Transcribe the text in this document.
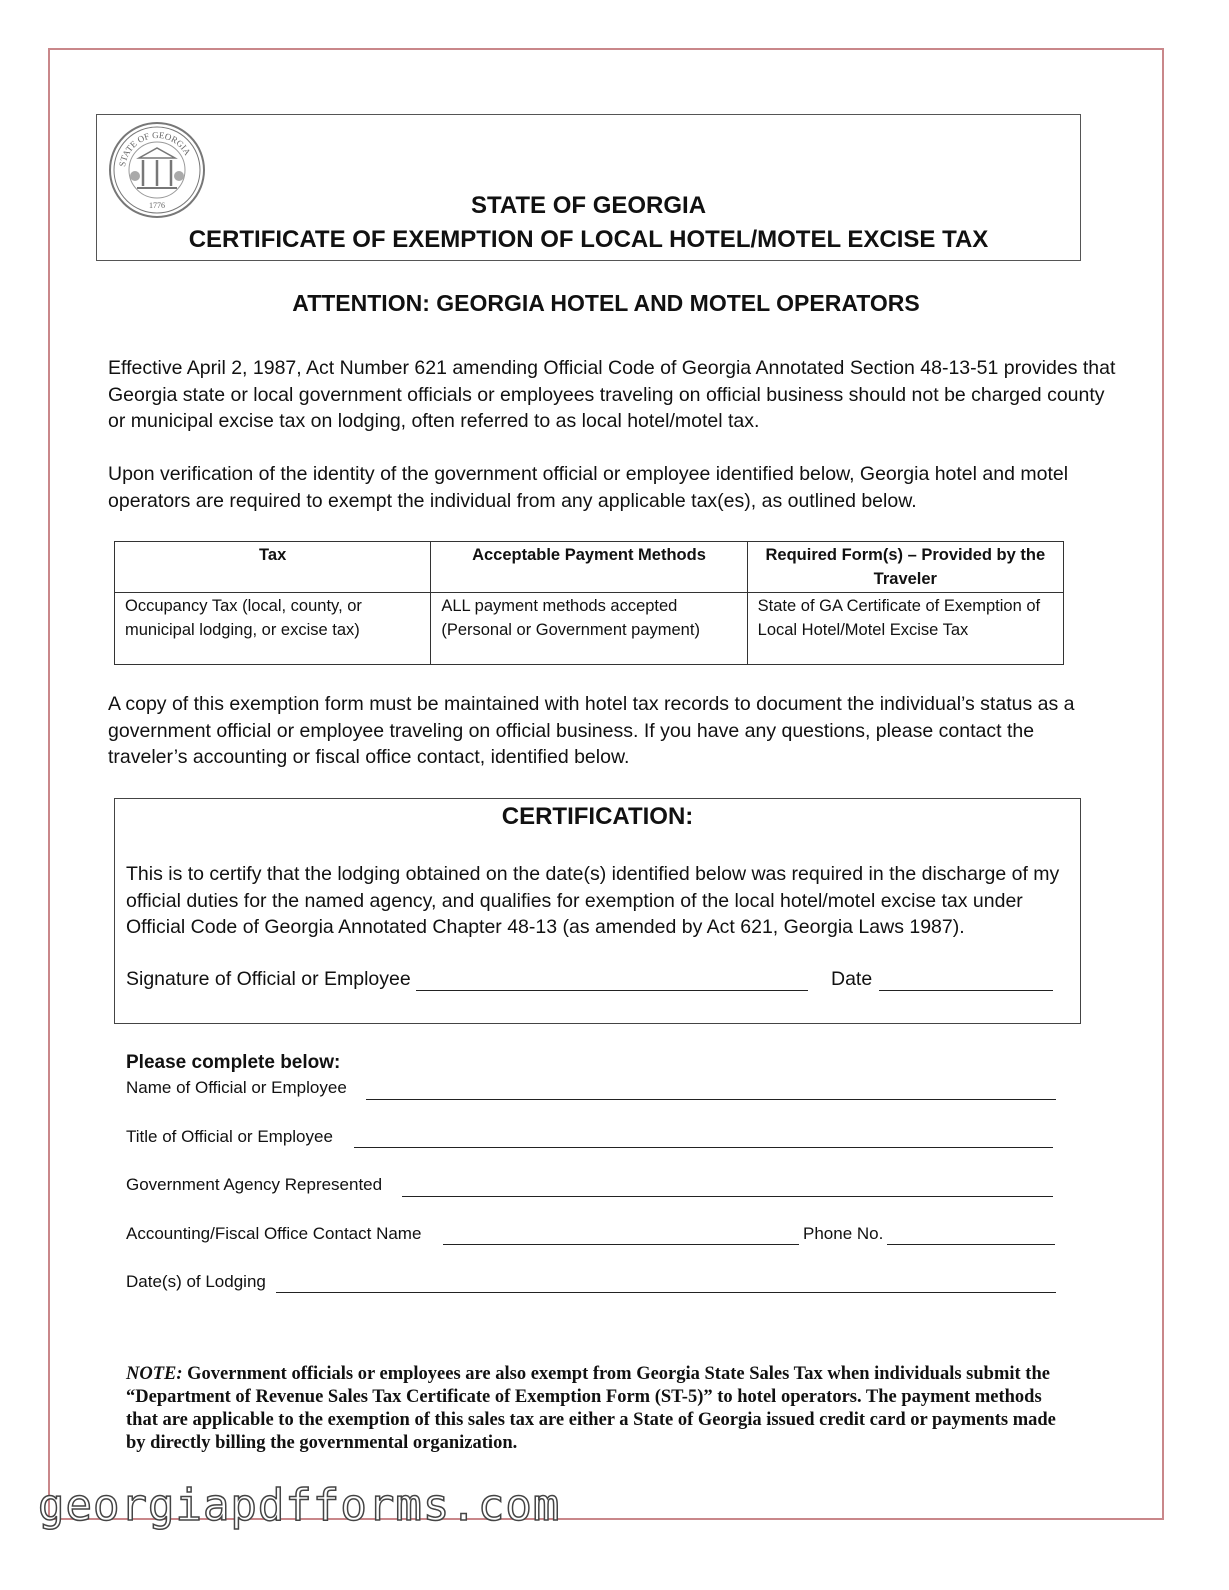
STATE OF GEORGIA
1776	STATE OF GEORGIA
CERTIFICATE OF EXEMPTION OF LOCAL HOTEL/MOTEL EXCISE TAX
ATTENTION: GEORGIA HOTEL AND MOTEL OPERATORS
Effective April 2, 1987, Act Number 621 amending Official Code of Georgia Annotated Section 48-13-51 provides that Georgia state or local government officials or employees traveling on official business should not be charged county or municipal excise tax on lodging, often referred to as local hotel/motel tax.
Upon verification of the identity of the government official or employee identified below, Georgia hotel and motel operators are required to exempt the individual from any applicable tax(es), as outlined below.
Tax	Acceptable Payment Methods	Required Form(s) – Provided by the Traveler
Occupancy Tax (local, county, or municipal lodging, or excise tax)	ALL payment methods accepted (Personal or Government payment)	State of GA Certificate of Exemption of Local Hotel/Motel Excise Tax
A copy of this exemption form must be maintained with hotel tax records to document the individual’s status as a government official or employee traveling on official business. If you have any questions, please contact the traveler’s accounting or fiscal office contact, identified below.
CERTIFICATION:
This is to certify that the lodging obtained on the date(s) identified below was required in the discharge of my official duties for the named agency, and qualifies for exemption of the local hotel/motel excise tax under Official Code of Georgia Annotated Chapter 48-13 (as amended by Act 621, Georgia Laws 1987).
Signature of Official or Employee	Date
Please complete below:
Name of Official or Employee
Title of Official or Employee
Government Agency Represented
Accounting/Fiscal Office Contact Name	Phone No.
Date(s) of Lodging
NOTE: Government officials or employees are also exempt from Georgia State Sales Tax when individuals submit the “Department of Revenue Sales Tax Certificate of Exemption Form (ST-5)” to hotel operators. The payment methods that are applicable to the exemption of this sales tax are either a State of Georgia issued credit card or payments made by directly billing the governmental organization.
georgiapdfforms.com
